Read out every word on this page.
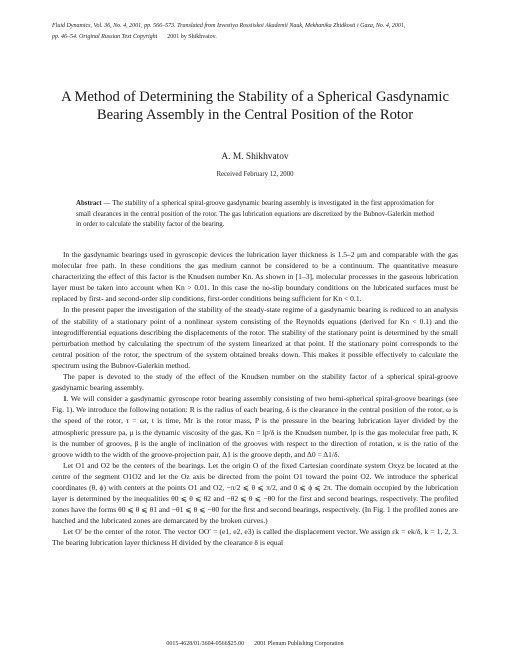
Fluid Dynamics, Vol. 36, No. 4, 2001, pp. 566–573. Translated from Izvestiya Rossiiskoi Akademii Nauk, Mekhanika Zhidkosti i Gaza, No. 4, 2001,
pp. 46–54. Original Russian Text Copyright 2001 by Shikhvatov.
A Method of Determining the Stability of a Spherical Gasdynamic Bearing Assembly in the Central Position of the Rotor
A. M. Shikhvatov
Received February 12, 2000

Abstract — The stability of a spherical spiral-groove gasdynamic bearing assembly is investigated in the first approximation for small clearances in the central position of the rotor. The gas lubrication equations are discretized by the Bubnov-Galerkin method in order to calculate the stability factor of the bearing.

In the gasdynamic bearings used in gyroscopic devices the lubrication layer thickness is 1.5–2 μm and comparable with the gas molecular free path. In these conditions the gas medium cannot be considered to be a continuum. The quantitative measure characterizing the effect of this factor is the Knudsen number Kn. As shown in [1–3], molecular processes in the gaseous lubrication layer must be taken into account when Kn > 0.01. In this case the no-slip boundary conditions on the lubricated surfaces must be replaced by first- and second-order slip conditions, first-order conditions being sufficient for Kn < 0.1.

In the present paper the investigation of the stability of the steady-state regime of a gasdynamic bearing is reduced to an analysis of the stability of a stationary point of a nonlinear system consisting of the Reynolds equations (derived for Kn < 0.1) and the integrodifferential equations describing the displacements of the rotor. The stability of the stationary point is determined by the small perturbation method by calculating the spectrum of the system linearized at that point. If the stationary point corresponds to the central position of the rotor, the spectrum of the system obtained breaks down. This makes it possible effectively to calculate the spectrum using the Bubnov-Galerkin method.

The paper is devoted to the study of the effect of the Knudsen number on the stability factor of a spherical spiral-groove gasdynamic bearing assembly.

1. We will consider a gasdynamic gyroscope rotor bearing assembly consisting of two hemi-spherical spiral-groove bearings (see Fig. 1). We introduce the following notation: R is the radius of each bearing, δ is the clearance in the central position of the rotor, ω is the speed of the rotor, τ = ωt, t is time, Mr is the rotor mass, P is the pressure in the bearing lubrication layer divided by the atmospheric pressure pa, μ is the dynamic viscosity of the gas, Kn = lp/δ is the Knudsen number, lp is the gas molecular free path, K is the number of grooves, β is the angle of inclination of the grooves with respect to the direction of rotation, ϰ is the ratio of the groove width to the width of the groove-projection pair, Δ1 is the groove depth, and Δ0 = Δ1/δ.

Let O1 and O2 be the centers of the bearings. Let the origin O of the fixed Cartesian coordinate system Oxyz be located at the centre of the segment O1O2 and let the Oz axis be directed from the point O1 toward the point O2. We introduce the spherical coordinates (θ, ϕ) with centers at the points O1 and O2, −π/2 ⩽ θ ⩽ π/2, and 0 ⩽ ϕ ⩽ 2π. The domain occupied by the lubrication layer is determined by the inequalities θ0 ⩽ θ ⩽ θ2 and −θ2 ⩽ θ ⩽ −θ0 for the first and second bearings, respectively. The profiled zones have the forms θ0 ⩽ θ ⩽ θ1 and −θ1 ⩽ θ ⩽ −θ0 for the first and second bearings, respectively. (In Fig. 1 the profiled zones are hatched and the lubricated zones are demarcated by the broken curves.)

Let O′ be the center of the rotor. The vector OO′ = (e1, e2, e3) is called the displacement vector. We assign εk = ek/δ, k = 1, 2, 3. The bearing lubrication layer thickness H divided by the clearance δ is equal

0015-4628/01/3604-0566$25.00 2001 Plenum Publishing Corporation
